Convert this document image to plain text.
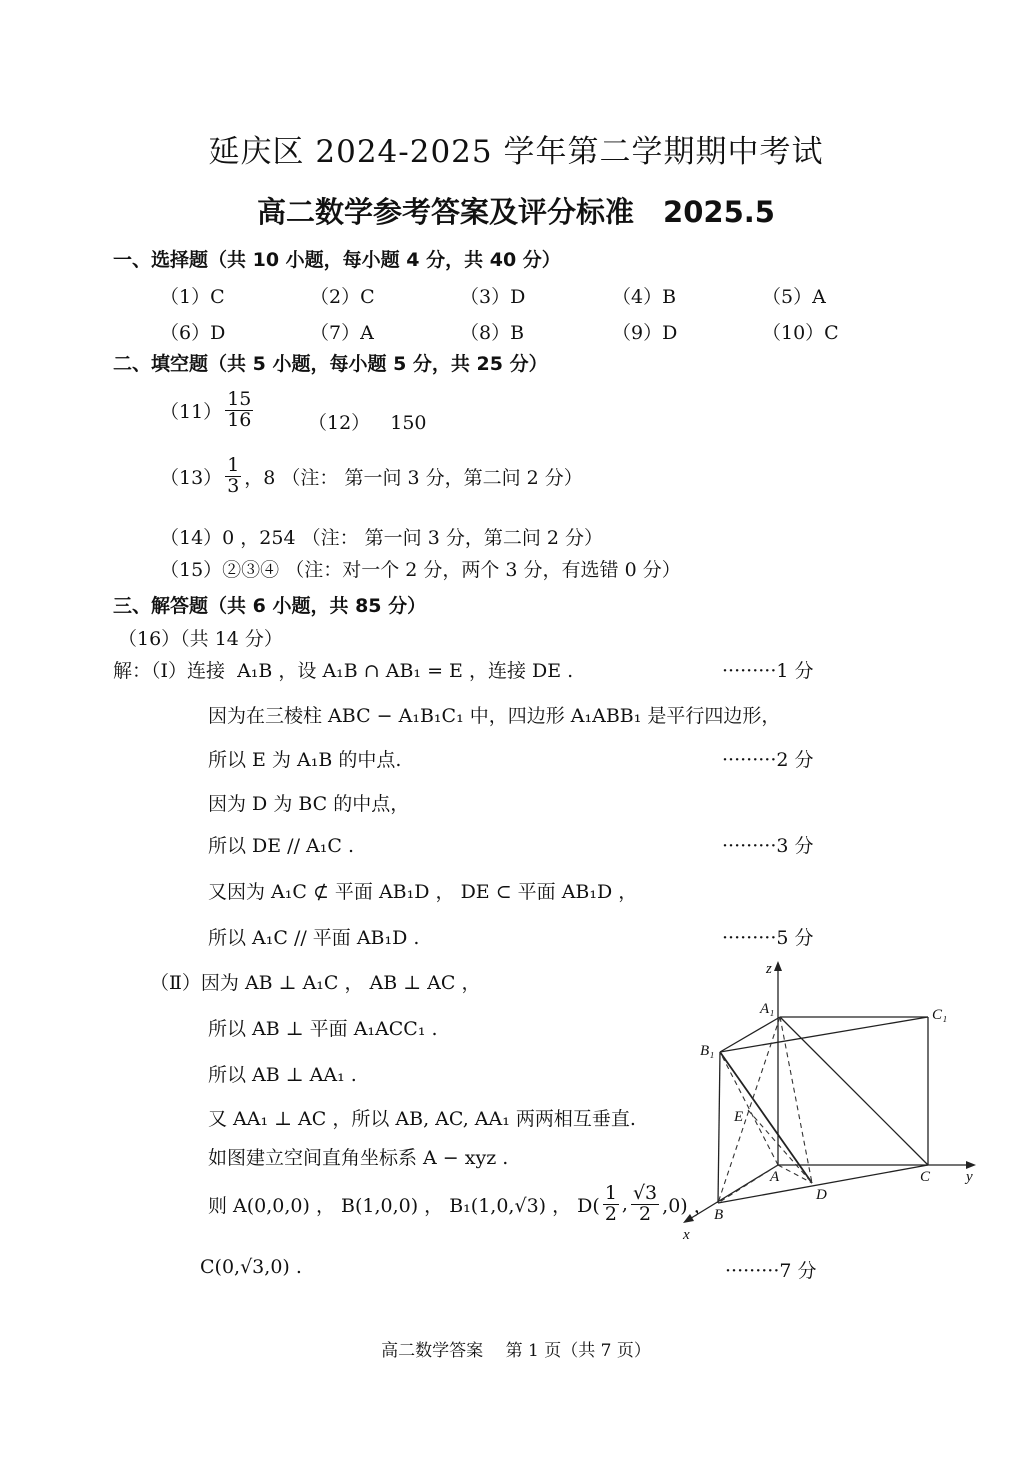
延庆区 2024-2025 学年第二学期期中考试
高二数学参考答案及评分标准　2025.5
一、选择题（共 10 小题，每小题 4 分，共 40 分）
（1）C	（2）C	（3）D	（4）B	（5）A
（6）D	（7）A	（8）B	（9）D	（10）C
二、填空题（共 5 小题，每小题 5 分，共 25 分）
$(11) \frac{15}{16}$	（12） 150
$(13) \frac{1}{3}$ ，8 （注： 第一问 3 分，第二问 2 分）
（14）0 ，254 （注： 第一问 3 分，第二问 2 分）
（15）②③④ （注：对一个 2 分，两个 3 分，有选错 0 分）
三、解答题（共 6 小题，共 85 分）
（16）（共 14 分）
解：（Ⅰ）连接 A₁B ，设 A₁B ∩ AB₁ = E ，连接 DE .	·········1 分
因为在三棱柱 ABC − A₁B₁C₁ 中，四边形 A₁ABB₁ 是平行四边形，
所以 E 为 A₁B 的中点.	·········2 分
因为 D 为 BC 的中点，
所以 DE // A₁C .	·········3 分
又因为 A₁C ⊄ 平面 AB₁D ， DE ⊂ 平面 AB₁D ，
所以 A₁C // 平面 AB₁D .	·········5 分
（Ⅱ）因为 AB ⊥ A₁C ， AB ⊥ AC ，
所以 AB ⊥ 平面 A₁ACC₁ .
所以 AB ⊥ AA₁ .
又 AA₁ ⊥ AC ，所以 AB, AC, AA₁ 两两相互垂直.
如图建立空间直角坐标系 A − xyz .
则 A(0,0,0) ， B(1,0,0) ， B₁(1,0,√3) ， $D( \frac{1}{2}$ , $\frac{√3}{2} ,0$) ，
C(0,√3,0) .	·········7 分
z
y
x
A₁	C₁
B₁
E
A	C
D
B
高二数学答案　 第 1 页（共 7 页）
